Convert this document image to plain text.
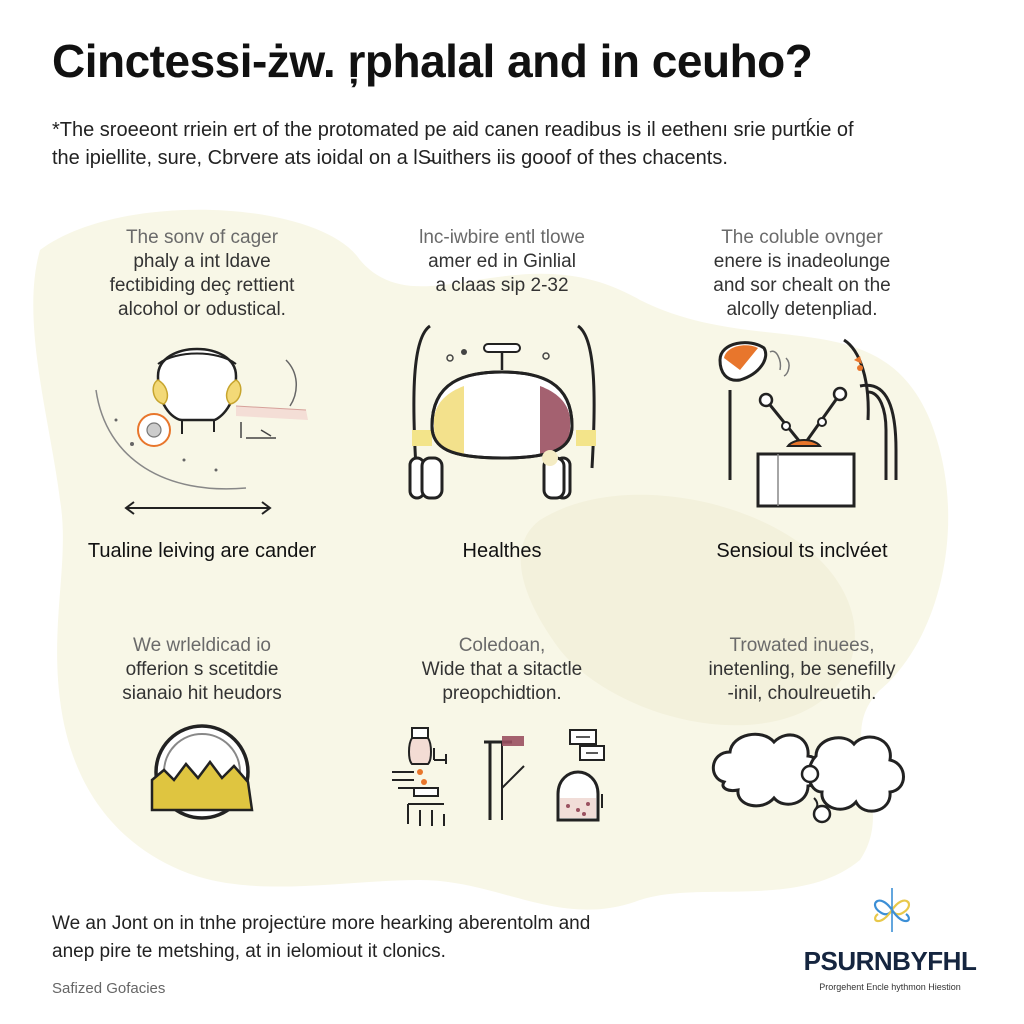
Cinctessi-żw. ŗphalal and in ceuho?
*The sroeeont rriein ert of the protomated pe aid canen readibus is il eethenı srie purtḱie of
the ipiellite, sure, Cbrvere ats ioidal on a lS̵uithers iis gooof of thes chacents.
The sonv of cager
phaly a int ldave
fectibiding deç rettient
alcohol or odustical.
Tualine leiving are cander
lnc-iwbire entl tlowe
amer ed in Ginlial
a claas sip 2-32
Healthes
The coluble ovnger
enere is inadeolunge
and sor chealt on the
alcolly detenpliad.
Sensioul ts inclvéet
We wrleldicad io
offerion s scetitdie
sianaio hit heudors
Coledoan,
Wide that a sitactle
preopchidtion.
Trowated inuees,
inetenling, be senefilly
-inil, choulreuetih.
We an Jont on in tnhe projectu̇re more hearking aberentolm and
anep pire te metshing, at in ielomiout it clonics.
Safized Gofacies
PSURNBYFHL
Prorgehent Encle hythmon Hiestion
